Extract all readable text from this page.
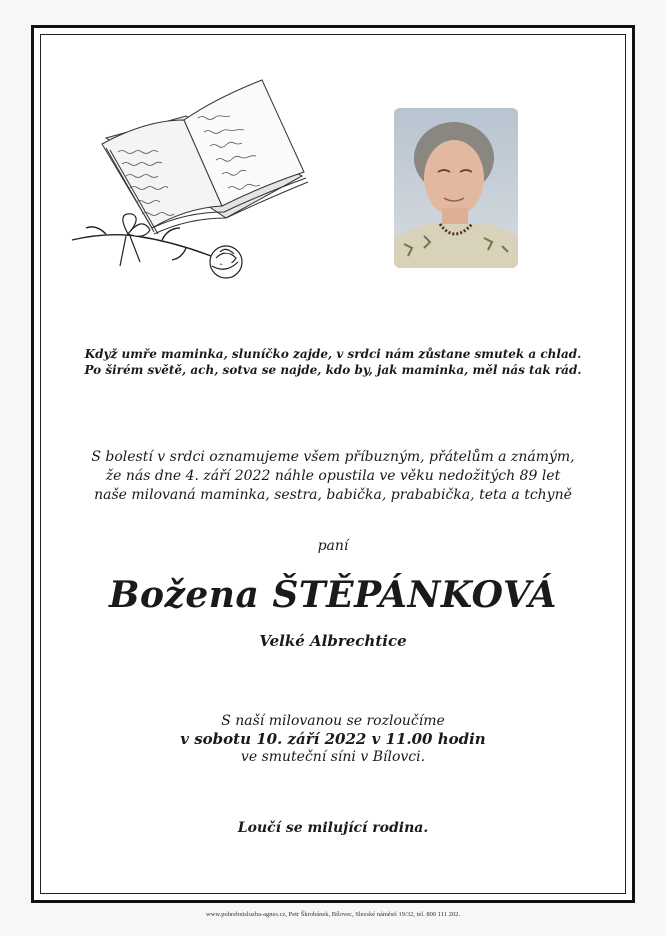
Když umře maminka, sluníčko zajde, v srdci nám zůstane smutek a chlad.
Po širém světě, ach, sotva se najde, kdo by, jak maminka, měl nás tak rád.
S bolestí v srdci oznamujeme všem příbuzným, přátelům a známým,
že nás dne 4. září 2022 náhle opustila ve věku nedožitých 89 let
naše milovaná maminka, sestra, babička, prababička, teta a tchyně
paní
Božena ŠTĚPÁNKOVÁ
Velké Albrechtice
S naší milovanou se rozloučíme
v sobotu 10. září 2022 v 11.00 hodin
ve smuteční síni v Bílovci.
Loučí se milující rodina.
www.pohrebnisluzba-agnes.cz, Petr Škrobánek, Bílovec, Slezské náměstí 19/32, tel. 800 111 202.
